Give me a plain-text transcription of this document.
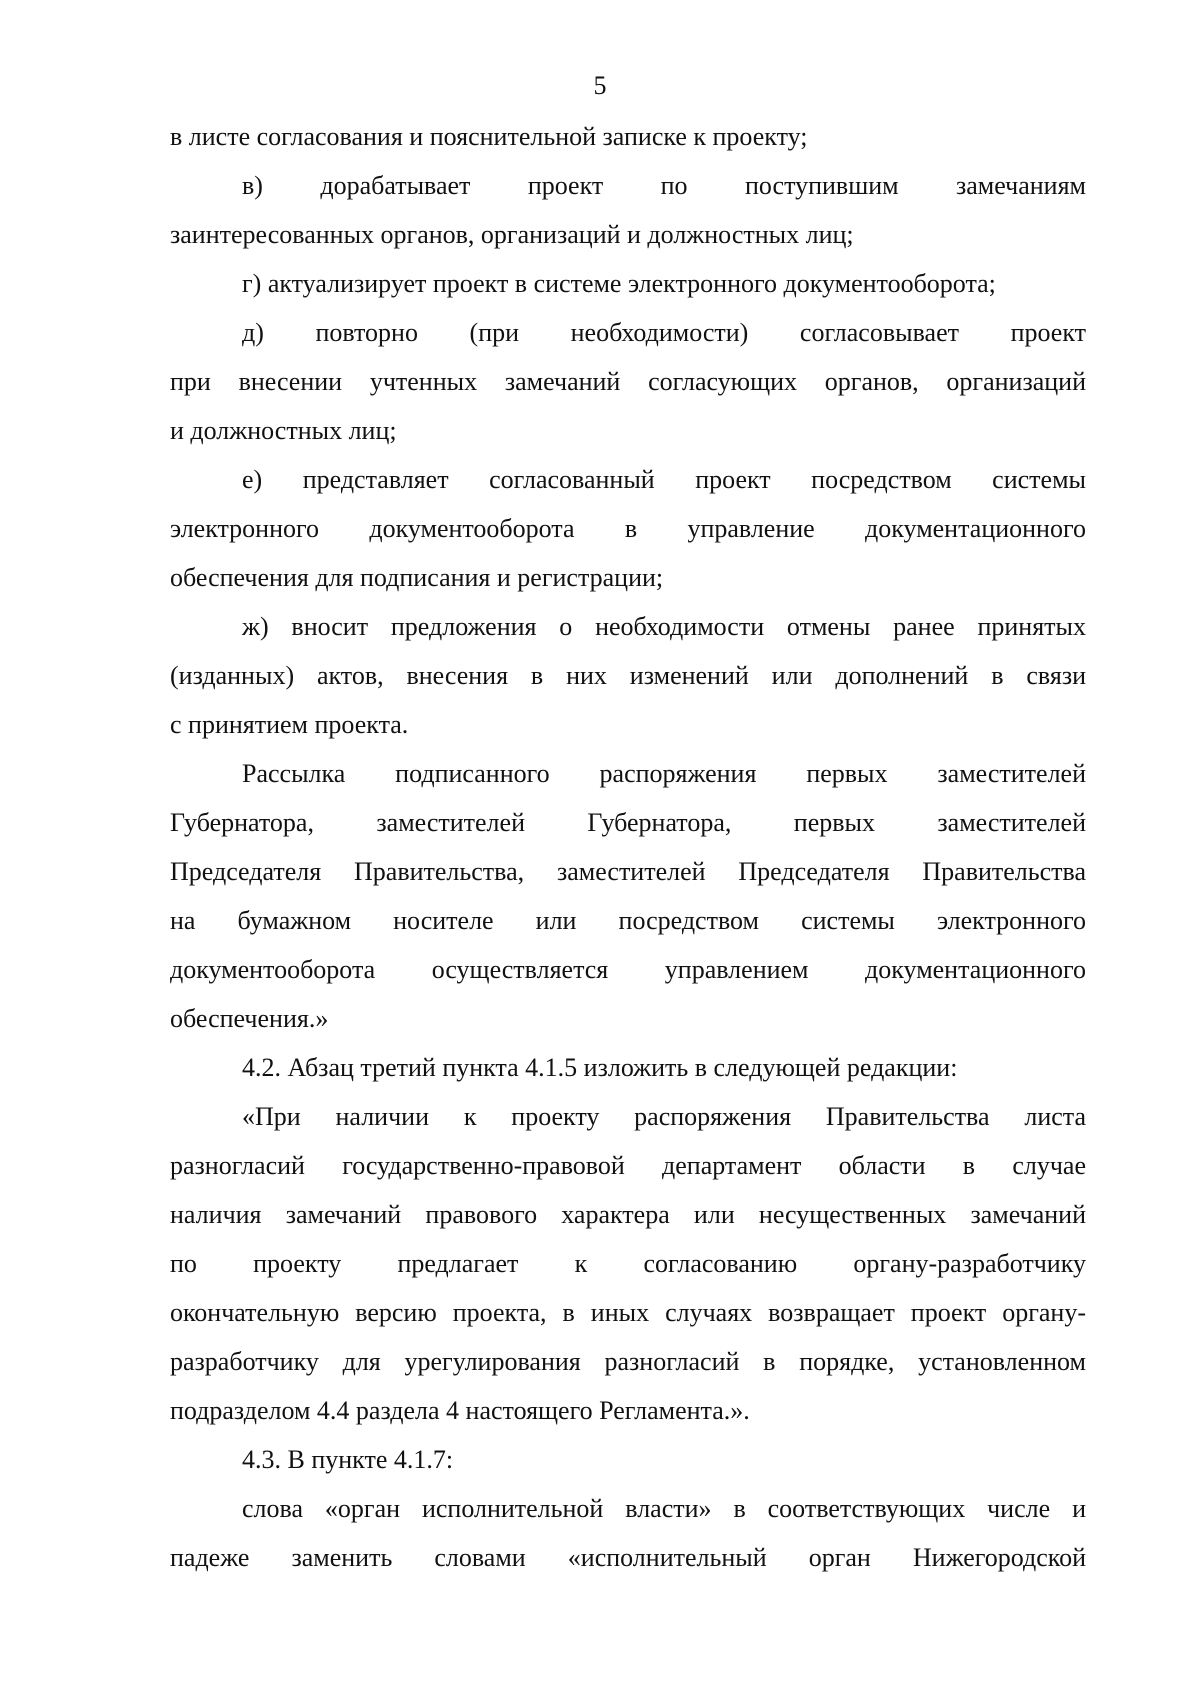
5
в листе согласования и пояснительной записке к проекту;
в) дорабатывает проект по поступившим замечаниям
заинтересованных органов, организаций и должностных лиц;
г) актуализирует проект в системе электронного документооборота;
д) повторно (при необходимости) согласовывает проект
при внесении учтенных замечаний согласующих органов, организаций
и должностных лиц;
е) представляет согласованный проект посредством системы
электронного документооборота в управление документационного
обеспечения для подписания и регистрации;
ж) вносит предложения о необходимости отмены ранее принятых
(изданных) актов, внесения в них изменений или дополнений в связи
с принятием проекта.
Рассылка подписанного распоряжения первых заместителей
Губернатора, заместителей Губернатора, первых заместителей
Председателя Правительства, заместителей Председателя Правительства
на бумажном носителе или посредством системы электронного
документооборота осуществляется управлением документационного
обеспечения.»
4.2. Абзац третий пункта 4.1.5 изложить в следующей редакции:
«При наличии к проекту распоряжения Правительства листа
разногласий государственно-правовой департамент области в случае
наличия замечаний правового характера или несущественных замечаний
по проекту предлагает к согласованию органу-разработчику
окончательную версию проекта, в иных случаях возвращает проект органу-
разработчику для урегулирования разногласий в порядке, установленном
подразделом 4.4 раздела 4 настоящего Регламента.».
4.3. В пункте 4.1.7:
слова «орган исполнительной власти» в соответствующих числе и
падеже заменить словами «исполнительный орган Нижегородской
